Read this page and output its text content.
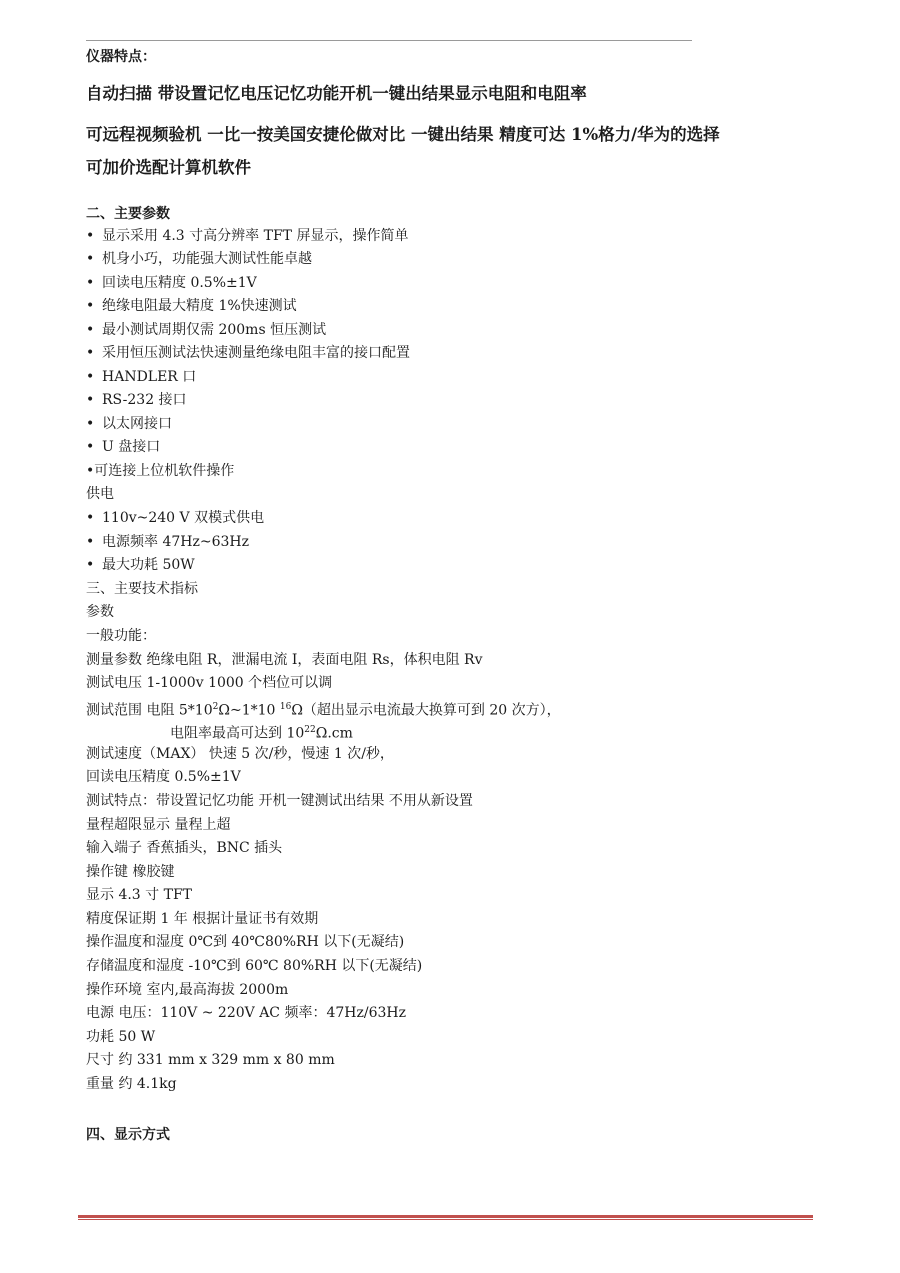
仪器特点：
自动扫描 带设置记忆电压记忆功能开机一键出结果显示电阻和电阻率
可远程视频验机 一比一按美国安捷伦做对比 一键出结果 精度可达 1%格力/华为的选择
可加价选配计算机软件
二、主要参数
• 显示采用 4.3 寸高分辨率 TFT 屏显示，操作简单
• 机身小巧，功能强大测试性能卓越
• 回读电压精度 0.5%±1V
• 绝缘电阻最大精度 1%快速测试
• 最小测试周期仅需 200ms 恒压测试
• 采用恒压测试法快速测量绝缘电阻丰富的接口配置
• HANDLER 口
• RS-232 接口
• 以太网接口
• U 盘接口
•可连接上位机软件操作
供电
• 110v~240 V 双模式供电
• 电源频率 47Hz~63Hz
• 最大功耗 50W
三、主要技术指标
参数
一般功能：
测量参数 绝缘电阻 R，泄漏电流 I，表面电阻 Rs，体积电阻 Rv
测试电压 1-1000v 1000 个档位可以调
测试范围 电阻 $5*10^2\Omega\sim 1*10$ $^{16}$Ω（超出显示电流最大换算可到 20 次方），
电阻率最高可达到 $10^{22}\Omega.cm$
测试速度（MAX） 快速 5 次/秒，慢速 1 次/秒，
回读电压精度 0.5%±1V
测试特点：带设置记忆功能 开机一键测试出结果 不用从新设置
量程超限显示 量程上超
输入端子 香蕉插头，BNC 插头
操作键 橡胶键
显示 4.3 寸 TFT
精度保证期 1 年 根据计量证书有效期
操作温度和湿度 0℃到 40℃80%RH 以下(无凝结)
存储温度和湿度 -10℃到 60℃ 80%RH 以下(无凝结)
操作环境 室内,最高海拔 2000m
电源 电压：110V ~ 220V AC 频率：47Hz/63Hz
功耗 50 W
尺寸 约 331 mm x 329 mm x 80 mm
重量 约 4.1kg
四、显示方式
